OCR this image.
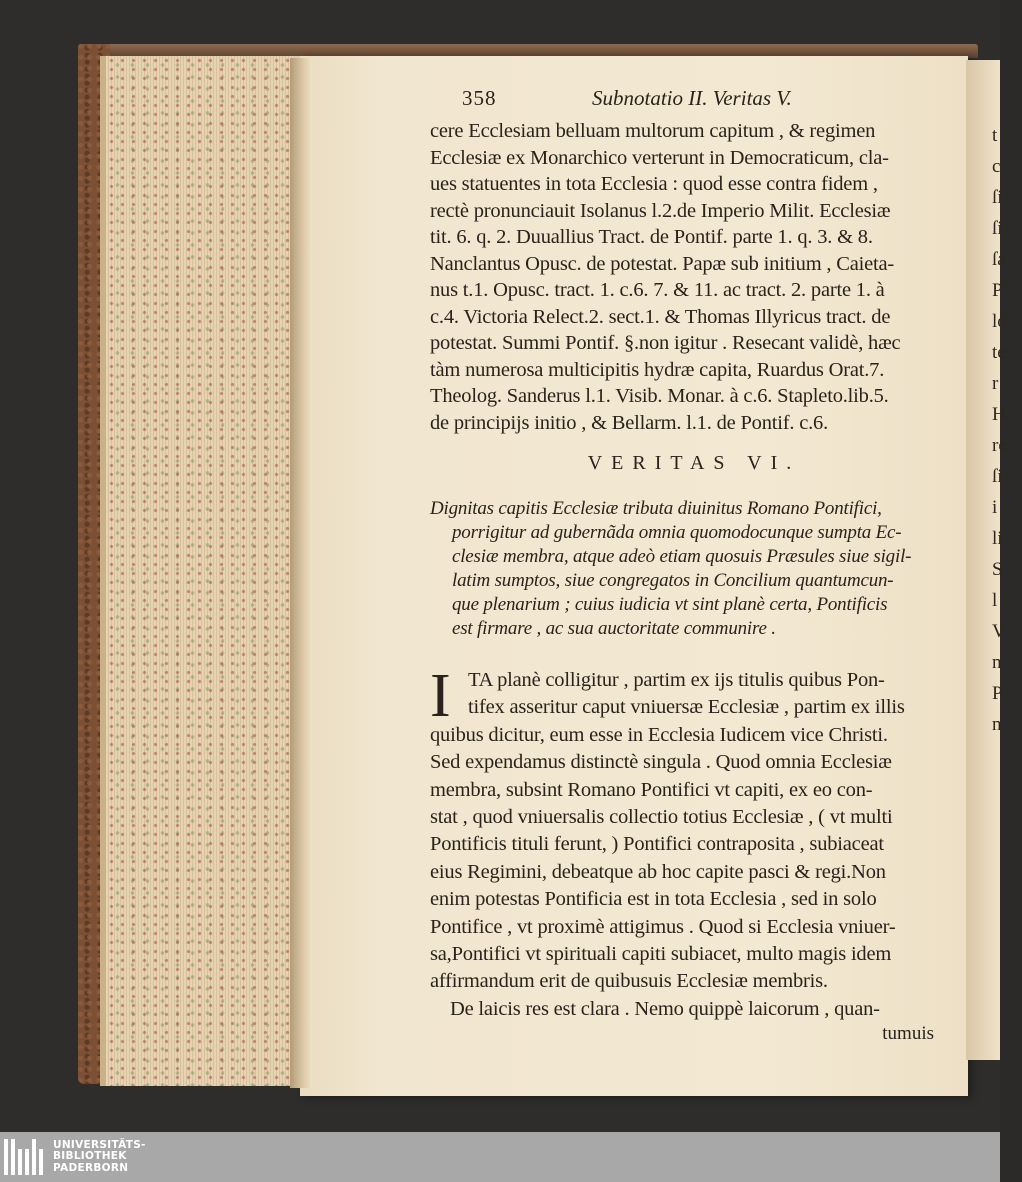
t
c
ſi
ſi
ſa
P
lo
te
r
H
re
ſi
i
li
S
l
V
n
P
n
358	Subnotatio II. Veritas V.
cere Ecclesiam belluam multorum capitum , & regimen
Ecclesiæ ex Monarchico verterunt in Democraticum, cla-
ues statuentes in tota Ecclesia : quod esse contra fidem ,
rectè pronunciauit Isolanus l.2.de Imperio Milit. Ecclesiæ
tit. 6. q. 2. Duuallius Tract. de Pontif. parte 1. q. 3. & 8.
Nanclantus Opusc. de potestat. Papæ sub initium , Caieta-
nus t.1. Opusc. tract. 1. c.6. 7. & 11. ac tract. 2. parte 1. à
c.4. Victoria Relect.2. sect.1. & Thomas Illyricus tract. de
potestat. Summi Pontif. §.non igitur . Resecant validè, hæc
tàm numerosa multicipitis hydræ capita, Ruardus Orat.7.
Theolog. Sanderus l.1. Visib. Monar. à c.6. Stapleto.lib.5.
de principijs initio , & Bellarm. l.1. de Pontif. c.6.
VERITAS VI.
Dignitas capitis Ecclesiæ tributa diuinitus Romano Pontifici,
porrigitur ad gubernãda omnia quomodocunque sumpta Ec-
clesiæ membra, atque adeò etiam quosuis Præsules siue sigil-
latim sumptos, siue congregatos in Concilium quantumcun-
que plenarium ; cuius iudicia vt sint planè certa, Pontificis
est firmare , ac sua auctoritate communire .
I TA planè colligitur , partim ex ijs titulis quibus Pon-
tifex asseritur caput vniuersæ Ecclesiæ , partim ex illis
quibus dicitur, eum esse in Ecclesia Iudicem vice Christi.
Sed expendamus distinctè singula . Quod omnia Ecclesiæ
membra, subsint Romano Pontifici vt capiti, ex eo con-
stat , quod vniuersalis collectio totius Ecclesiæ , ( vt multi
Pontificis tituli ferunt, ) Pontifici contraposita , subiaceat
eius Regimini, debeatque ab hoc capite pasci & regi.Non
enim potestas Pontificia est in tota Ecclesia , sed in solo
Pontifice , vt proximè attigimus . Quod si Ecclesia vniuer-
sa,Pontifici vt spirituali capiti subiacet, multo magis idem
affirmandum erit de quibusuis Ecclesiæ membris.
De laicis res est clara . Nemo quippè laicorum , quan-
tumuis
UNIVERSITÄTS-
BIBLIOTHEK
PADERBORN
